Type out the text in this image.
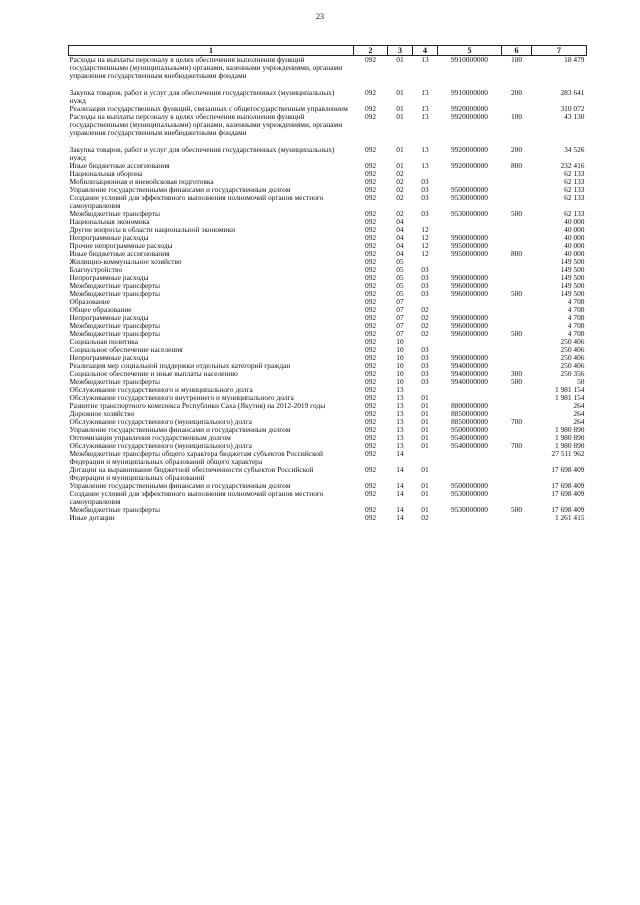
23
1	2	3	4	5	6	7
Расходы на выплаты персоналу в целях обеспечения выполнения функций государственными (муниципальными) органами, казенными учреждениями, органами управления государственным внебюджетными фондами	092	01	13	9910000000	100	18 479
Закупка товаров, работ и услуг для обеспечения государственных (муниципальных) нужд	092	01	13	9910000000	200	283 641
Реализация государственных функций, связанных с общегосударственным управлением	092	01	13	9920000000		310 072
Расходы на выплаты персоналу в целях обеспечения выполнения функций государственными (муниципальными) органами, казенными учреждениями, органами управления государственным внебюджетными фондами	092	01	13	9920000000	100	43 130
Закупка товаров, работ и услуг для обеспечения государственных (муниципальных) нужд	092	01	13	9920000000	200	34 526
Иные бюджетные ассигнования	092	01	13	9920000000	800	232 416
Национальная оборона	092	02				62 133
Мобилизационная и вневойсковая подготовка	092	02	03			62 133
Управление государственными финансами и государственным долгом	092	02	03	9500000000		62 133
Создание условий для эффективного выполнения полномочий органов местного самоуправления	092	02	03	9530000000		62 133
Межбюджетные трансферты	092	02	03	9530000000	500	62 133
Национальная экономика	092	04				40 000
Другие вопросы в области национальной экономики	092	04	12			40 000
Непрограммные расходы	092	04	12	9900000000		40 000
Прочие непрограммные расходы	092	04	12	9950000000		40 000
Иные бюджетные ассигнования	092	04	12	9950000000	800	40 000
Жилищно-коммунальное хозяйство	092	05				149 500
Благоустройство	092	05	03			149 500
Непрограммные расходы	092	05	03	9900000000		149 500
Межбюджетные трансферты	092	05	03	9960000000		149 500
Межбюджетные трансферты	092	05	03	9960000000	500	149 500
Образование	092	07				4 700
Общее образование	092	07	02			4 700
Непрограммные расходы	092	07	02	9900000000		4 700
Межбюджетные трансферты	092	07	02	9960000000		4 700
Межбюджетные трансферты	092	07	02	9960000000	500	4 700
Социальная политика	092	10				250 406
Социальное обеспечение населения	092	10	03			250 406
Непрограммные расходы	092	10	03	9900000000		250 406
Реализация мер социальной поддержки отдельных категорий граждан	092	10	03	9940000000		250 406
Социальное обеспечение и иные выплаты населению	092	10	03	9940000000	300	250 356
Межбюджетные трансферты	092	10	03	9940000000	500	50
Обслуживание государственного и муниципального долга	092	13				1 981 154
Обслуживание государственного внутреннего и муниципального долга	092	13	01			1 981 154
Развитие транспортного комплекса Республики Саха (Якутия) на 2012-2019 годы	092	13	01	8800000000		264
Дорожное хозяйство	092	13	01	8850000000		264
Обслуживание государственного (муниципального) долга	092	13	01	8850000000	700	264
Управление государственными финансами и государственным долгом	092	13	01	9500000000		1 980 890
Оптимизация управления государственным долгом	092	13	01	9540000000		1 980 890
Обслуживание государственного (муниципального) долга	092	13	01	9540000000	700	1 980 890
Межбюджетные трансферты общего характера бюджетам субъектов Российской Федерации и муниципальных образований общего характера	092	14				27 511 962
Дотации на выравнивание бюджетной обеспеченности субъектов Российской Федерации и муниципальных образований	092	14	01			17 698 409
Управление государственными финансами и государственным долгом	092	14	01	9500000000		17 698 409
Создание условий для эффективного выполнения полномочий органов местного самоуправления	092	14	01	9530000000		17 698 409
Межбюджетные трансферты	092	14	01	9530000000	500	17 698 409
Иные дотации	092	14	02			1 261 415
